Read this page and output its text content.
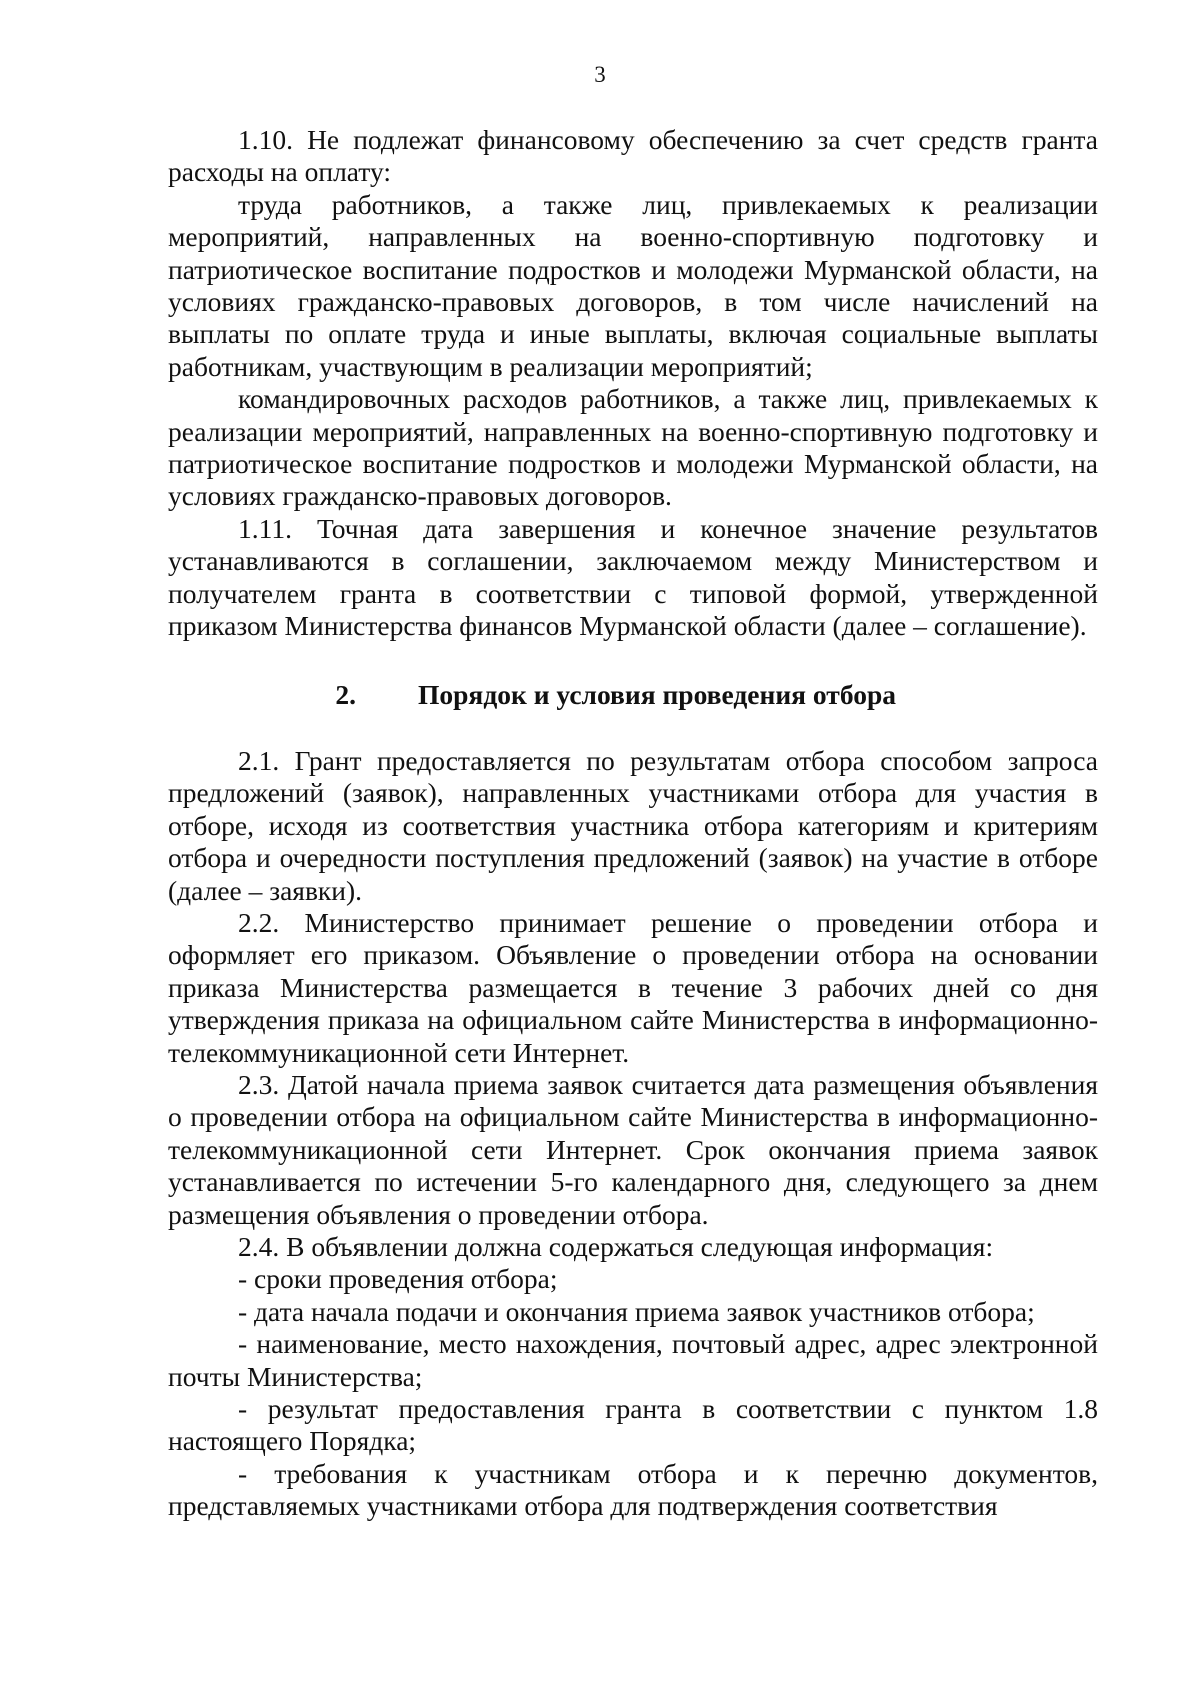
3

1.10. Не подлежат финансовому обеспечению за счет средств гранта расходы на оплату:

труда работников, а также лиц, привлекаемых к реализации мероприятий, направленных на военно-спортивную подготовку и патриотическое воспитание подростков и молодежи Мурманской области, на условиях гражданско-правовых договоров, в том числе начислений на выплаты по оплате труда и иные выплаты, включая социальные выплаты работникам, участвующим в реализации мероприятий;

командировочных расходов работников, а также лиц, привлекаемых к реализации мероприятий, направленных на военно-спортивную подготовку и патриотическое воспитание подростков и молодежи Мурманской области, на условиях гражданско-правовых договоров.

1.11. Точная дата завершения и конечное значение результатов устанавливаются в соглашении, заключаемом между Министерством и получателем гранта в соответствии с типовой формой, утвержденной приказом Министерства финансов Мурманской области (далее – соглашение).

2.	Порядок и условия проведения отбора

2.1. Грант предоставляется по результатам отбора способом запроса предложений (заявок), направленных участниками отбора для участия в отборе, исходя из соответствия участника отбора категориям и критериям отбора и очередности поступления предложений (заявок) на участие в отборе (далее – заявки).

2.2. Министерство принимает решение о проведении отбора и оформляет его приказом. Объявление о проведении отбора на основании приказа Министерства размещается в течение 3 рабочих дней со дня утверждения приказа на официальном сайте Министерства в информационно-телекоммуникационной сети Интернет.

2.3. Датой начала приема заявок считается дата размещения объявления о проведении отбора на официальном сайте Министерства в информационно-телекоммуникационной сети Интернет. Срок окончания приема заявок устанавливается по истечении 5-го календарного дня, следующего за днем размещения объявления о проведении отбора.

2.4. В объявлении должна содержаться следующая информация:

- сроки проведения отбора;

- дата начала подачи и окончания приема заявок участников отбора;

- наименование, место нахождения, почтовый адрес, адрес электронной почты Министерства;

- результат предоставления гранта в соответствии с пунктом 1.8 настоящего Порядка;

- требования к участникам отбора и к перечню документов, представляемых участниками отбора для подтверждения соответствия
